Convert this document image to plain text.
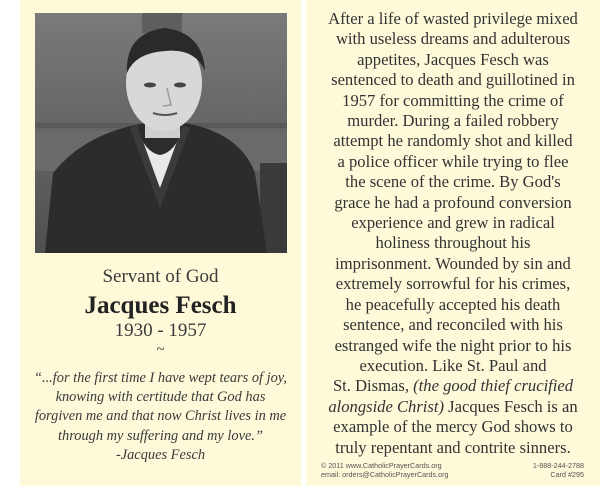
Servant of God
Jacques Fesch
1930 - 1957
~
“...for the first time I have wept tears of joy,
knowing with certitude that God has
forgiven me and that now Christ lives in me
through my suffering and my love.”
-Jacques Fesch
After a life of wasted privilege mixed
with useless dreams and adulterous
appetites, Jacques Fesch was
sentenced to death and guillotined in
1957 for committing the crime of
murder. During a failed robbery
attempt he randomly shot and killed
a police officer while trying to flee
the scene of the crime. By God's
grace he had a profound conversion
experience and grew in radical
holiness throughout his
imprisonment. Wounded by sin and
extremely sorrowful for his crimes,
he peacefully accepted his death
sentence, and reconciled with his
estranged wife the night prior to his
execution. Like St. Paul and
St. Dismas, (the good thief crucified
alongside Christ) Jacques Fesch is an
example of the mercy God shows to
truly repentant and contrite sinners.
© 2011 www.CatholicPrayerCards.org
email: orders@CatholicPrayerCards.org
1-888-244-2788
Card #295
